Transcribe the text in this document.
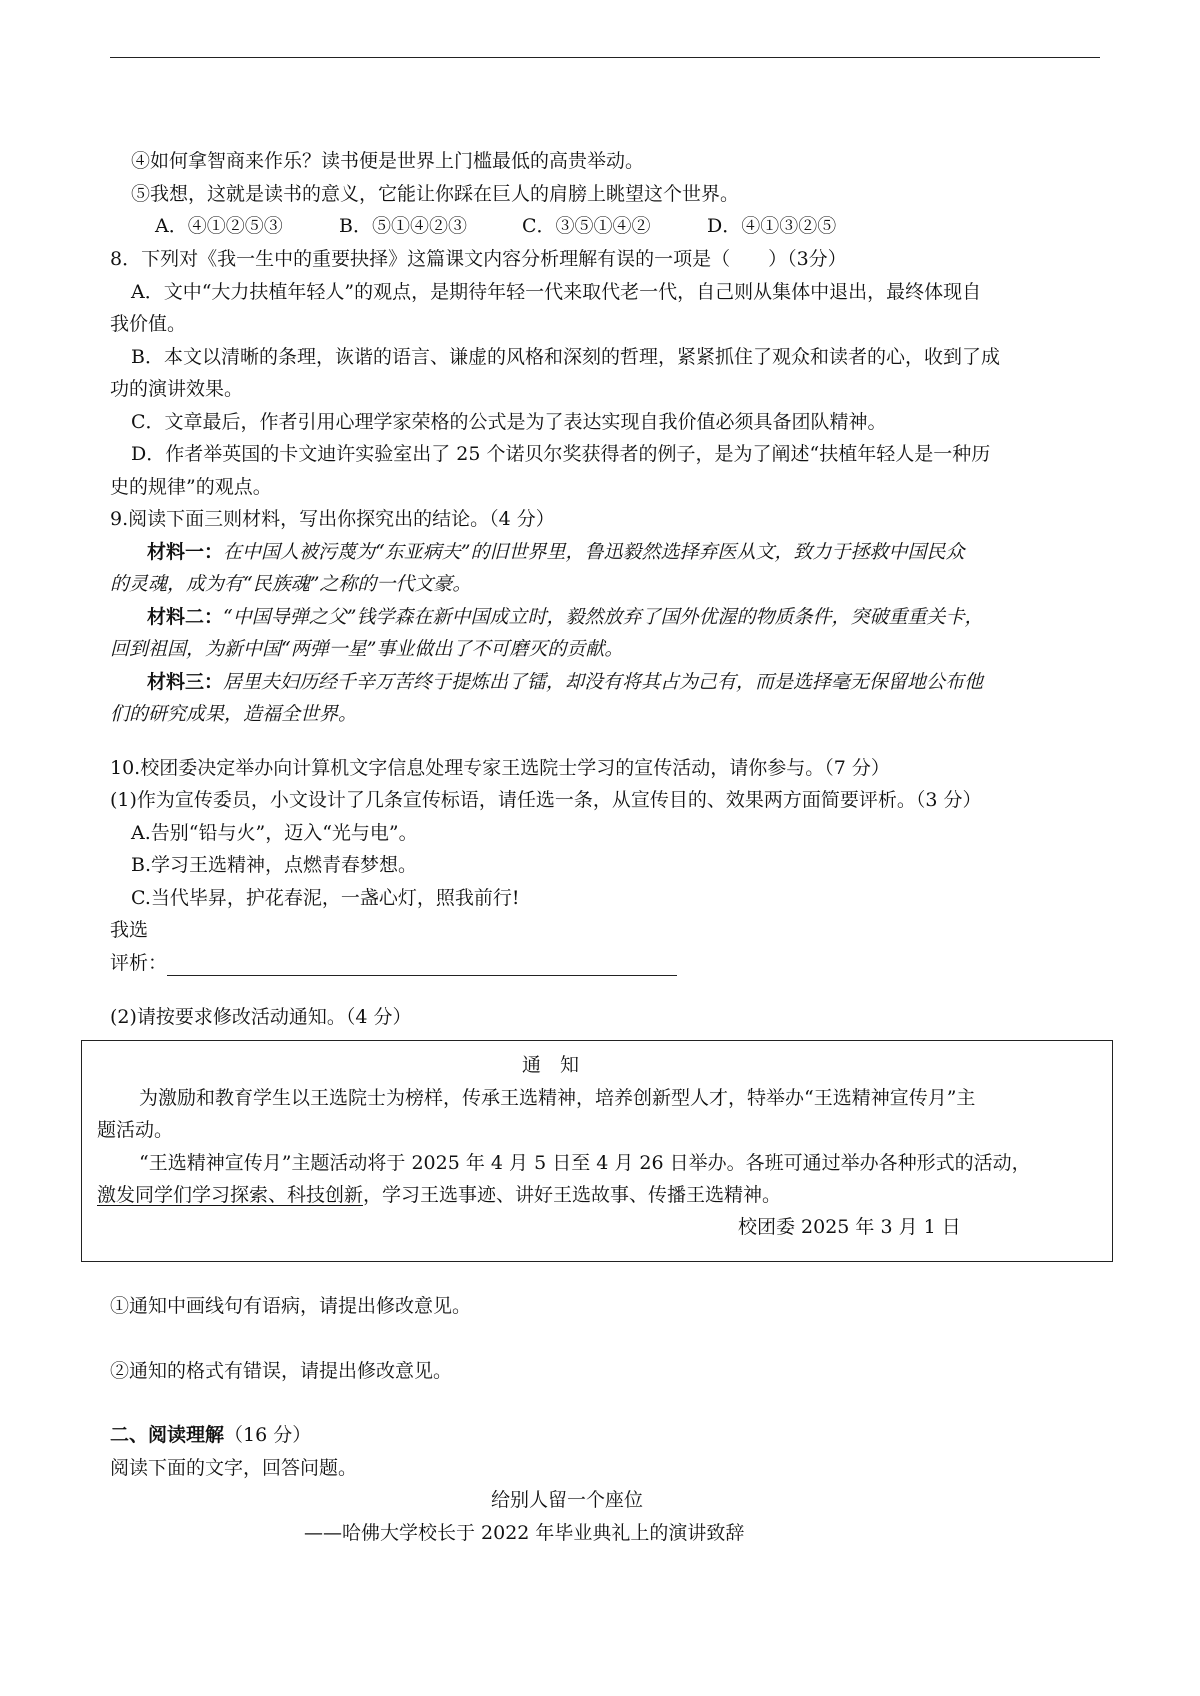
④如何拿智商来作乐？读书便是世界上门槛最低的高贵举动。
⑤我想，这就是读书的意义，它能让你踩在巨人的肩膀上眺望这个世界。
A．④①②⑤③	B．⑤①④②③	C．③⑤①④②	D．④①③②⑤
8．下列对《我一生中的重要抉择》这篇课文内容分析理解有误的一项是（　　）（3分）
A．文中“大力扶植年轻人”的观点，是期待年轻一代来取代老一代，自己则从集体中退出，最终体现自
我价值。
B．本文以清晰的条理，诙谐的语言、谦虚的风格和深刻的哲理，紧紧抓住了观众和读者的心，收到了成
功的演讲效果。
C．文章最后，作者引用心理学家荣格的公式是为了表达实现自我价值必须具备团队精神。
D．作者举英国的卡文迪许实验室出了 25 个诺贝尔奖获得者的例子，是为了阐述“扶植年轻人是一种历
史的规律”的观点。
9.阅读下面三则材料，写出你探究出的结论。（4 分）
材料一：在中国人被污蔑为“东亚病夫”的旧世界里，鲁迅毅然选择弃医从文，致力于拯救中国民众
的灵魂，成为有“民族魂”之称的一代文豪。
材料二：“中国导弹之父”钱学森在新中国成立时，毅然放弃了国外优渥的物质条件，突破重重关卡，
回到祖国，为新中国“两弹一星”事业做出了不可磨灭的贡献。
材料三：居里夫妇历经千辛万苦终于提炼出了镭，却没有将其占为己有，而是选择毫无保留地公布他
们的研究成果，造福全世界。
10.校团委决定举办向计算机文字信息处理专家王选院士学习的宣传活动，请你参与。（7 分）
(1)作为宣传委员，小文设计了几条宣传标语，请任选一条，从宣传目的、效果两方面简要评析。（3 分）
A.告别“铅与火”，迈入“光与电”。
B.学习王选精神，点燃青春梦想。
C.当代毕昇，护花春泥，一盏心灯，照我前行!
我选
评析：
(2)请按要求修改活动通知。（4 分）
通　知
为激励和教育学生以王选院士为榜样，传承王选精神，培养创新型人才，特举办“王选精神宣传月”主
题活动。
“王选精神宣传月”主题活动将于 2025 年 4 月 5 日至 4 月 26 日举办。各班可通过举办各种形式的活动，
激发同学们学习探索、科技创新，学习王选事迹、讲好王选故事、传播王选精神。
校团委 2025 年 3 月 1 日
①通知中画线句有语病，请提出修改意见。
②通知的格式有错误，请提出修改意见。
二、阅读理解（16 分）
阅读下面的文字，回答问题。
给别人留一个座位
——哈佛大学校长于 2022 年毕业典礼上的演讲致辞
